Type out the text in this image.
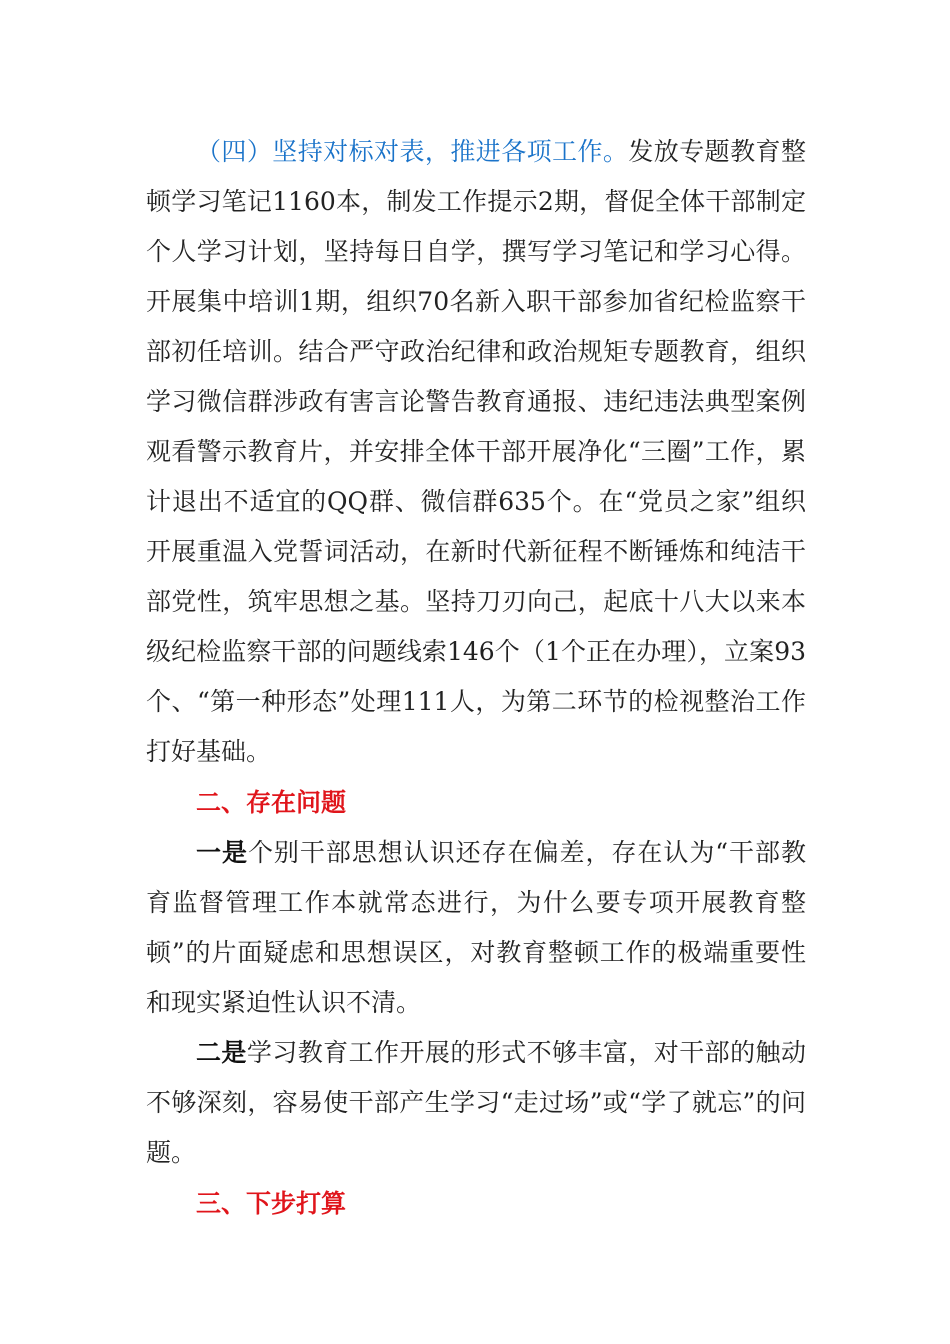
（四）坚持对标对表，推进各项工作。发放专题教育整顿学习笔记1160本，制发工作提示2期，督促全体干部制定个人学习计划，坚持每日自学，撰写学习笔记和学习心得。开展集中培训1期，组织70名新入职干部参加省纪检监察干部初任培训。结合严守政治纪律和政治规矩专题教育，组织学习微信群涉政有害言论警告教育通报、违纪违法典型案例观看警示教育片，并安排全体干部开展净化“三圈”工作，累计退出不适宜的QQ群、微信群635个。在“党员之家”组织开展重温入党誓词活动，在新时代新征程不断锤炼和纯洁干部党性，筑牢思想之基。坚持刀刃向己，起底十八大以来本级纪检监察干部的问题线索146个（1个正在办理），立案93个、“第一种形态”处理111人，为第二环节的检视整治工作打好基础。

二、存在问题

一是个别干部思想认识还存在偏差，存在认为“干部教育监督管理工作本就常态进行，为什么要专项开展教育整顿”的片面疑虑和思想误区，对教育整顿工作的极端重要性和现实紧迫性认识不清。

二是学习教育工作开展的形式不够丰富，对干部的触动不够深刻，容易使干部产生学习“走过场”或“学了就忘”的问题。

三、下步打算
